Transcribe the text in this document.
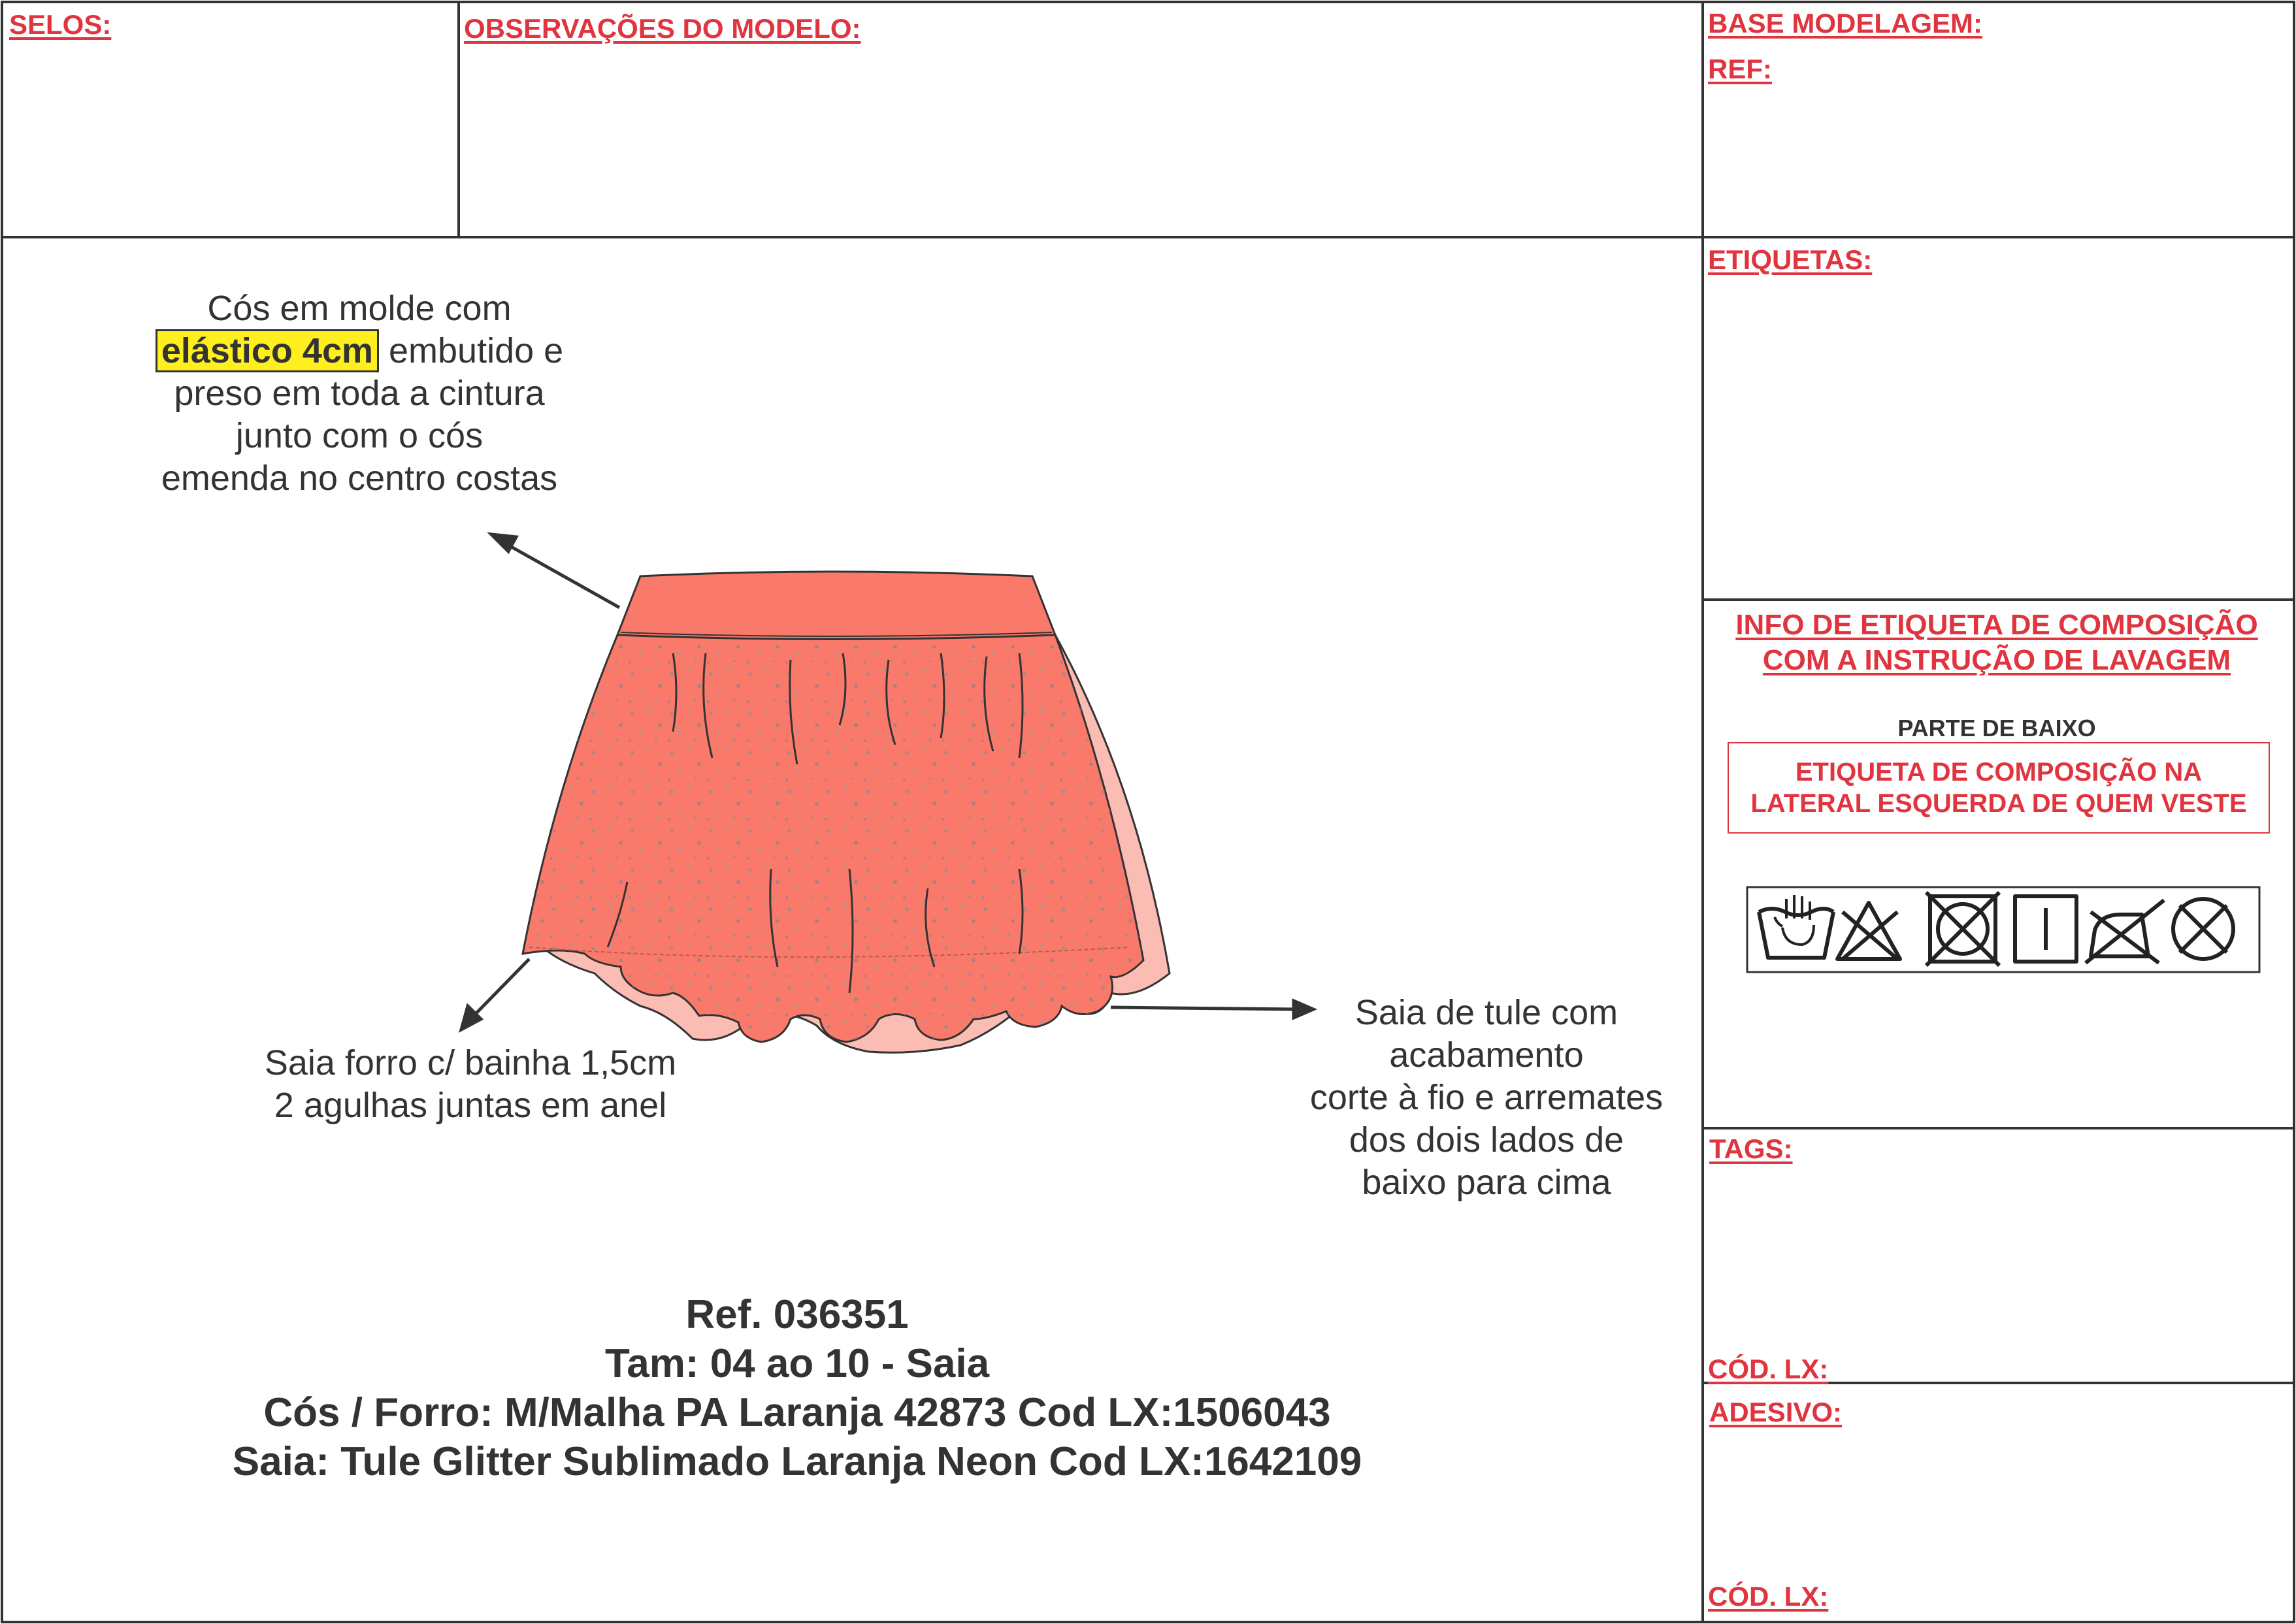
SELOS:	OBSERVAÇÕES DO MODELO:	BASE MODELAGEM:
REF:
ETIQUETAS:
INFO DE ETIQUETA DE COMPOSIÇÃO
COM A INSTRUÇÃO DE LAVAGEM
PARTE DE BAIXO
ETIQUETA DE COMPOSIÇÃO NA
LATERAL ESQUERDA DE QUEM VESTE
TAGS:
CÓD. LX:
ADESIVO:
CÓD. LX:
Cós em molde com
elástico 4cm embutido e
preso em toda a cintura
junto com o cós
emenda no centro costas
Saia forro c/ bainha 1,5cm
2 agulhas juntas em anel
Saia de tule com
acabamento
corte à fio e arremates
dos dois lados de
baixo para cima
Ref. 036351
Tam: 04 ao 10 - Saia
Cós / Forro: M/Malha PA Laranja 42873 Cod LX:1506043
Saia: Tule Glitter Sublimado Laranja Neon Cod LX:1642109
